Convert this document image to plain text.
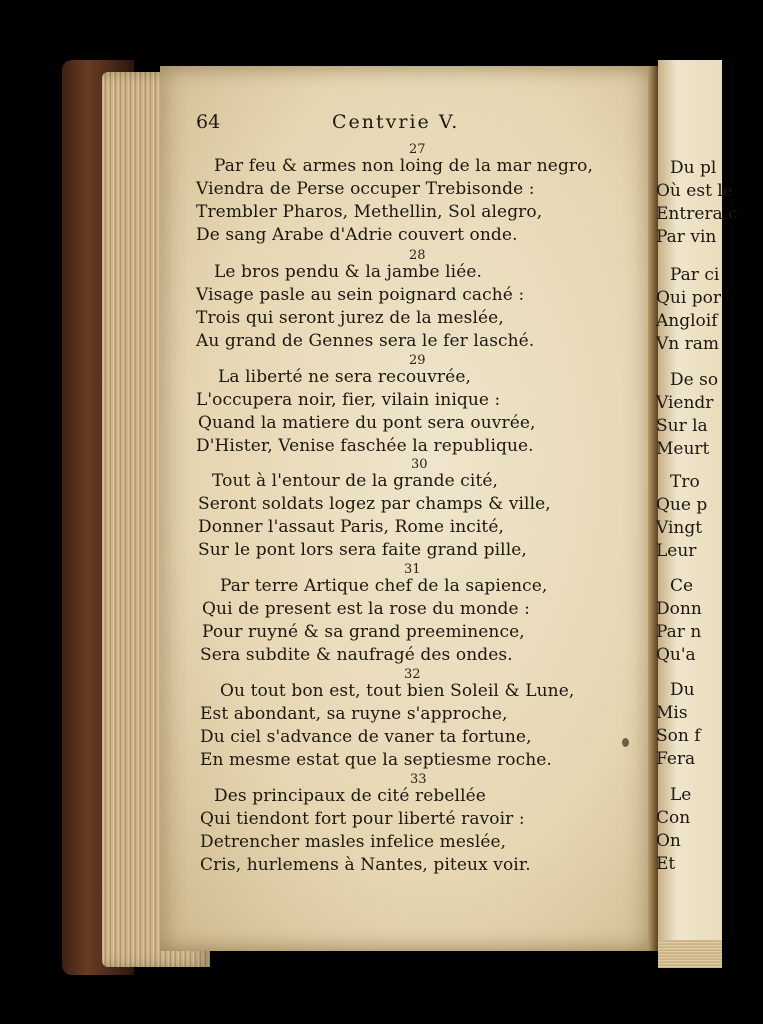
64	Centvrie V.
27
Par feu & armes non loing de la mar negro,
Viendra de Perse occuper Trebisonde :
Trembler Pharos, Methellin, Sol alegro,
De sang Arabe d'Adrie couvert onde.
28
Le bros pendu & la jambe liée.
Visage pasle au sein poignard caché :
Trois qui seront jurez de la meslée,
Au grand de Gennes sera le fer lasché.
29
La liberté ne sera recouvrée,
L'occupera noir, fier, vilain inique :
Quand la matiere du pont sera ouvrée,
D'Hister, Venise faschée la republique.
30
Tout à l'entour de la grande cité,
Seront soldats logez par champs & ville,
Donner l'assaut Paris, Rome incité,
Sur le pont lors sera faite grand pille,
31
Par terre Artique chef de la sapience,
Qui de present est la rose du monde :
Pour ruyné & sa grand preeminence,
Sera subdite & naufragé des ondes.
32
Ou tout bon est, tout bien Soleil & Lune,
Est abondant, sa ruyne s'approche,
Du ciel s'advance de vaner ta fortune,
En mesme estat que la septiesme roche.
33
Des principaux de cité rebellée
Qui tiendont fort pour liberté ravoir :
Detrencher masles infelice meslée,
Cris, hurlemens à Nantes, piteux voir.
Du pl
Où est le
Entrera c
Par vin
Par ci
Qui por
Angloif
Vn ram
De so
Viendr
Sur la
Meurt
Tro
Que p
Vingt
Leur
Ce
Donn
Par n
Qu'a
Du
Mis
Son f
Fera
Le
Con
On
Et
